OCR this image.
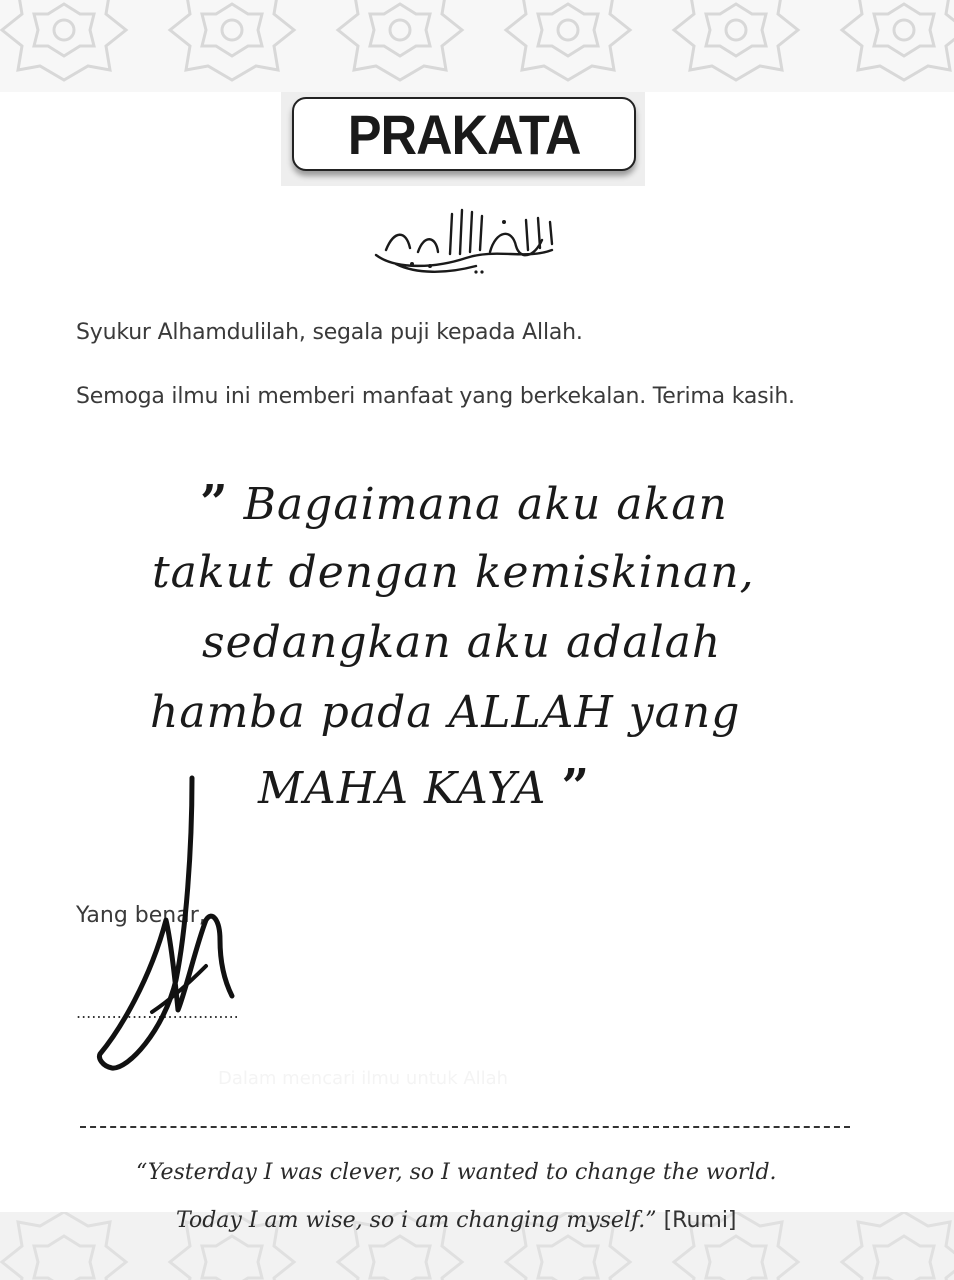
PRAKATA
Syukur Alhamdulilah, segala puji kepada Allah.
Semoga ilmu ini memberi manfaat yang berkekalan. Terima kasih.
” Bagaimana aku akan
takut dengan kemiskinan,
sedangkan aku adalah
hamba pada ALLAH yang
MAHA KAYA ”
Yang benar,
................................
Dalam mencari ilmu untuk Allah
“Yesterday I was clever, so I wanted to change the world.
Today I am wise, so i am changing myself.” [Rumi]
